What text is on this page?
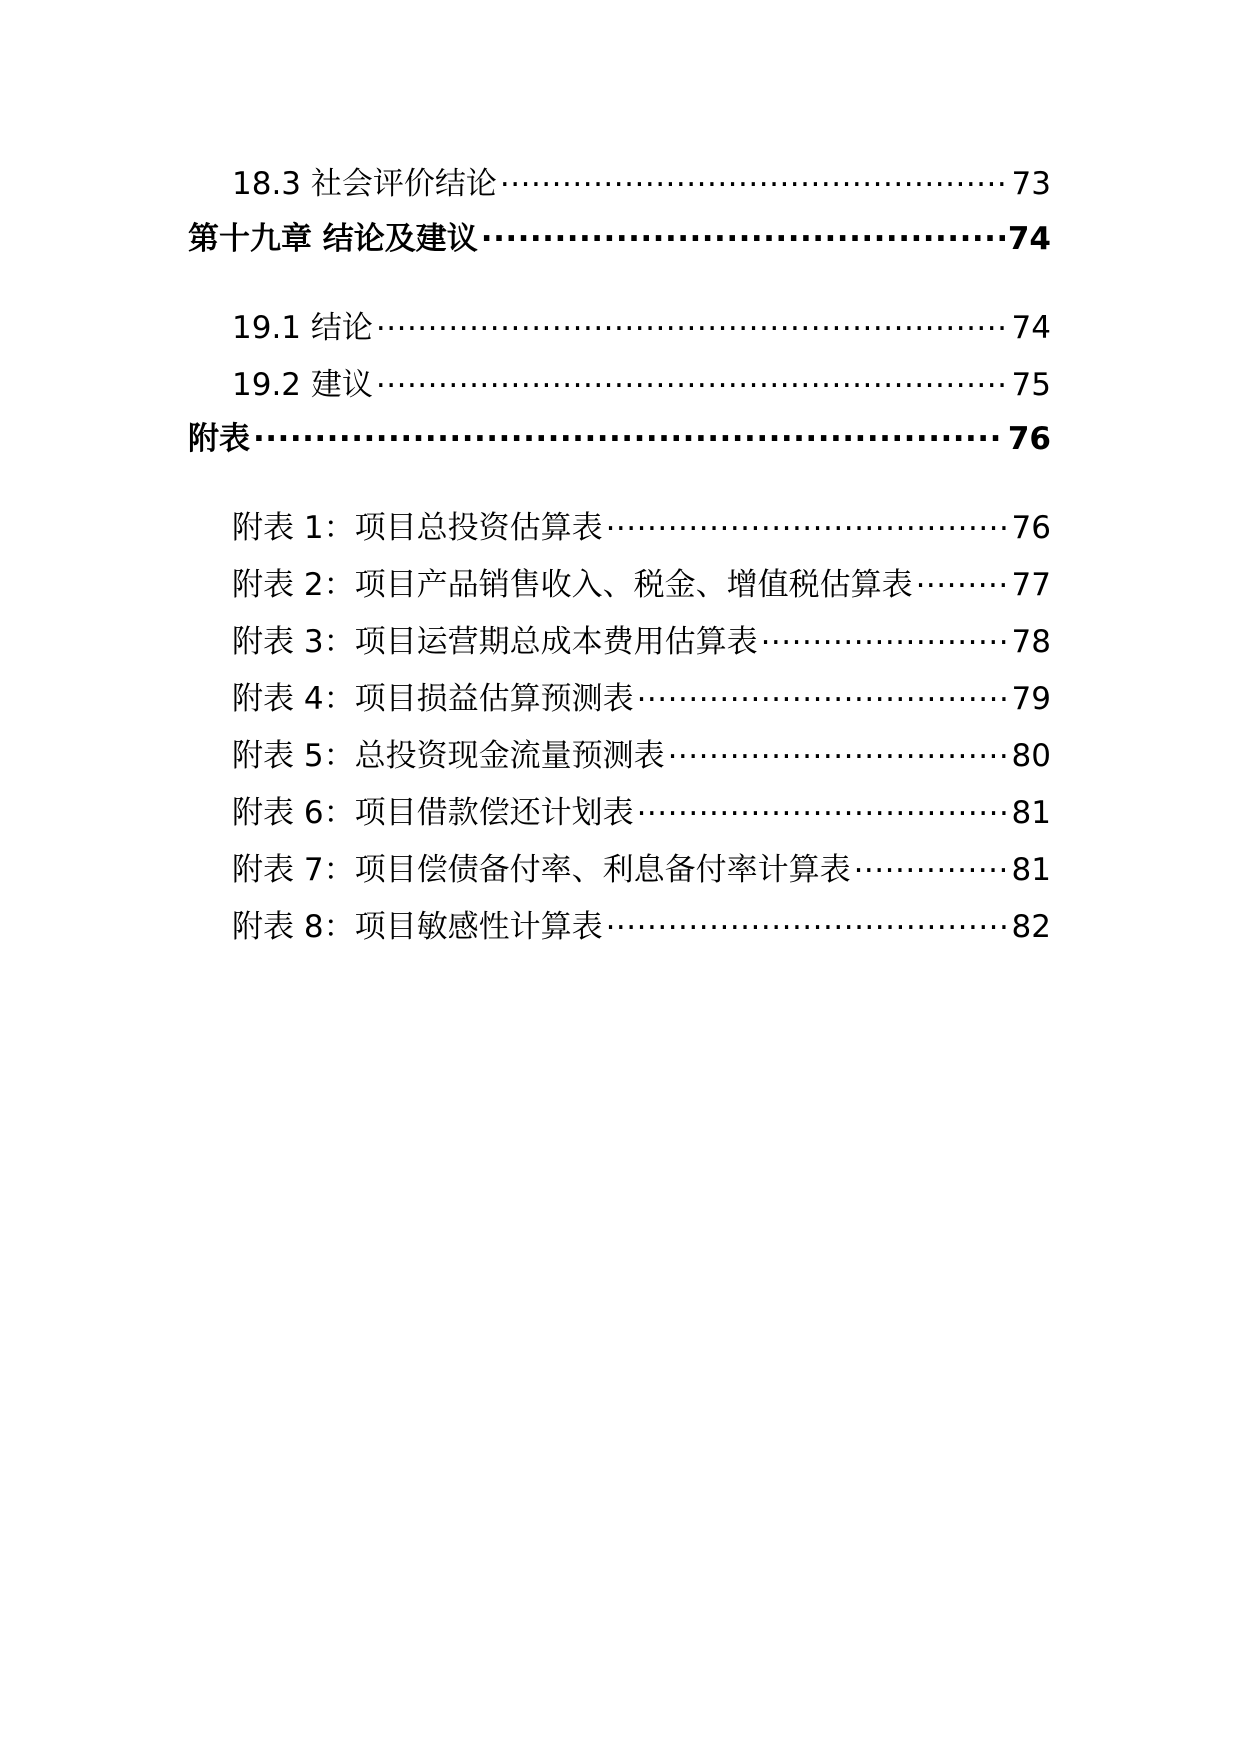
18.3 社会评价结论 .....	73
第十九章 结论及建议 .....	74
19.1 结论 .....	74
19.2 建议 .....	75
附表 .....	76
附表 1：项目总投资估算表 .....	76
附表 2：项目产品销售收入、税金、增值税估算表 .....	77
附表 3：项目运营期总成本费用估算表 .....	78
附表 4：项目损益估算预测表 .....	79
附表 5：总投资现金流量预测表 .....	80
附表 6：项目借款偿还计划表 .....	81
附表 7：项目偿债备付率、利息备付率计算表 .....	81
附表 8：项目敏感性计算表 .....	82
